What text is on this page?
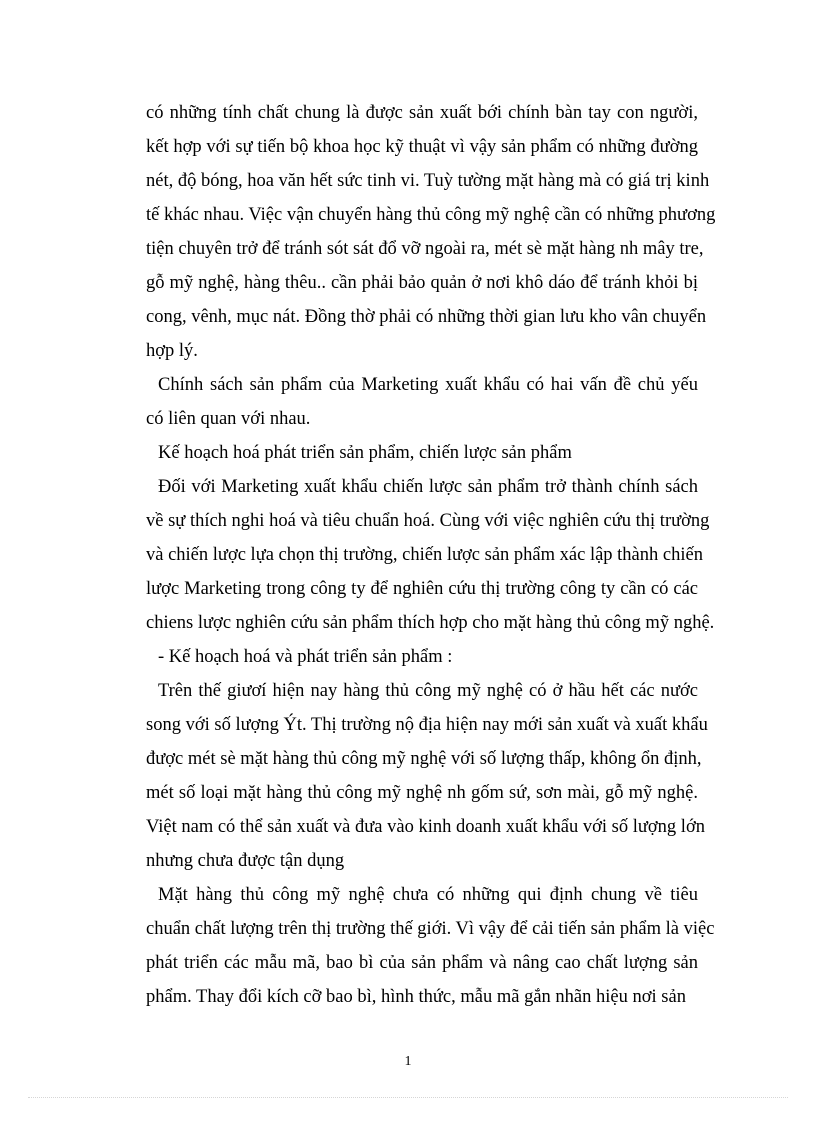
có những tính chất chung là được sản xuất bới chính bàn tay con người,
kết hợp với sự tiến bộ khoa học kỹ thuật vì vậy sản phẩm có những đường
nét, độ bóng, hoa văn hết sức tinh vi. Tuỳ tường mặt hàng mà có giá trị kinh
tế khác nhau. Việc vận chuyển hàng thủ công mỹ nghệ cần có những phương
tiện chuyên trở để tránh sót sát đổ vỡ ngoài ra, mét sè mặt hàng nh mây tre,
gỗ mỹ nghệ, hàng thêu.. cần phải bảo quản ở nơi khô dáo để tránh khỏi bị
cong, vênh, mục nát. Đồng thờ phải có những thời gian lưu kho vân chuyển
hợp lý.
Chính sách sản phẩm của Marketing xuất khẩu có hai vấn đề chủ yếu
có liên quan với nhau.
Kế hoạch hoá phát triển sản phẩm, chiến lược sản phẩm
Đối với Marketing xuất khẩu chiến lược sản phẩm trở thành chính sách
về sự thích nghi hoá và tiêu chuẩn hoá. Cùng với việc nghiên cứu thị trường
và chiến lược lựa chọn thị trường, chiến lược sản phẩm xác lập thành chiến
lược Marketing trong công ty để nghiên cứu thị trường công ty cần có các
chiens lược nghiên cứu sản phẩm thích hợp cho mặt hàng thủ công mỹ nghệ.
- Kế hoạch hoá và phát triển sản phẩm :
Trên thế giươí hiện nay hàng thủ công mỹ nghệ có ở hầu hết các nước
song với số lượng Ýt. Thị trường nộ địa hiện nay mới sản xuất và xuất khẩu
được mét sè mặt hàng thủ công mỹ nghệ với số lượng thấp, không ổn định,
mét số loại mặt hàng thủ công mỹ nghệ nh gốm sứ, sơn mài, gỗ mỹ nghệ.
Việt nam có thể sản xuất và đưa vào kinh doanh xuất khẩu với số lượng lớn
nhưng chưa được tận dụng
Mặt hàng thủ công mỹ nghệ chưa có những qui định chung về tiêu
chuẩn chất lượng trên thị trường thế giới. Vì vậy để cải tiến sản phẩm là việc
phát triển các mẫu mã, bao bì của sản phẩm và nâng cao chất lượng sản
phẩm. Thay đổi kích cỡ bao bì, hình thức, mẫu mã gắn nhãn hiệu nơi sản
1
